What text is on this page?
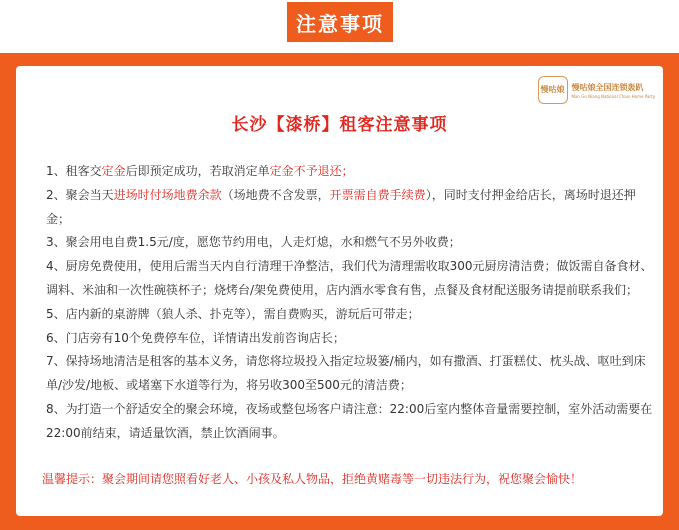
注意事项
慢咕娘 慢咕娘全国连锁轰趴
Man Gu Niang National Chain Home Party
长沙【漆桥】租客注意事项

1、租客交定金后即预定成功，若取消定单定金不予退还；

2、聚会当天进场时付场地费余款（场地费不含发票，开票需自费手续费），同时支付押金给店长，离场时退还押金；

3、聚会用电自费1.5元/度，愿您节约用电，人走灯熄，水和燃气不另外收费；

4、厨房免费使用，使用后需当天内自行清理干净整洁，我们代为清理需收取300元厨房清洁费；做饭需自备食材、调料、米油和一次性碗筷杯子；烧烤台/架免费使用，店内酒水零食有售，点餐及食材配送服务请提前联系我们；

5、店内新的桌游牌（狼人杀、扑克等），需自费购买，游玩后可带走；

6、门店旁有10个免费停车位，详情请出发前咨询店长；

7、保持场地清洁是租客的基本义务，请您将垃圾投入指定垃圾篓/桶内，如有撒酒、打蛋糕仗、枕头战、呕吐到床单/沙发/地板、或堵塞下水道等行为，将另收300至500元的清洁费；

8、为打造一个舒适安全的聚会环境，夜场或整包场客户请注意：22:00后室内整体音量需要控制，室外活动需要在22:00前结束，请适量饮酒，禁止饮酒闹事。

温馨提示：聚会期间请您照看好老人、小孩及私人物品，拒绝黄赌毒等一切违法行为，祝您聚会愉快！
